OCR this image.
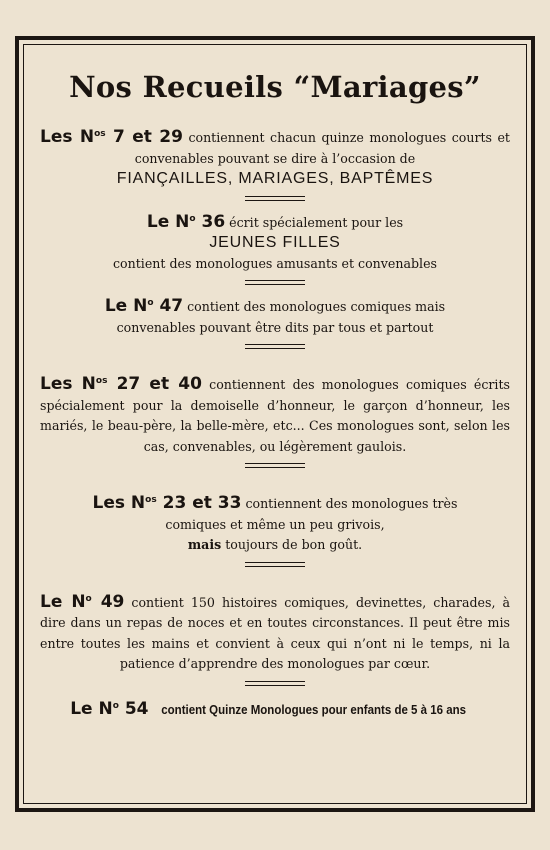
Nos Recueils “Mariages”
Les $N^{os}$ 7 et 29 contiennent chacun quinze monologues courts et convenables pouvant se dire à l’occasion de
FIANÇAILLES, MARIAGES, BAPTÊMES
Le $N^o$ 36 écrit spécialement pour les
JEUNES FILLES
contient des monologues amusants et convenables
Le $N^o$ 47 contient des monologues comiques mais convenables pouvant être dits par tous et partout
Les $N^{os}$ 27 et 40 contiennent des monologues comiques écrits spécialement pour la demoiselle d’honneur, le garçon d’honneur, les mariés, le beau-père, la belle-mère, etc... Ces monologues sont, selon les cas, convenables, ou légèrement gaulois.
Les $N^{os}$ 23 et 33 contiennent des monologues très comiques et même un peu grivois,
mais toujours de bon goût.
Le $N^o$ 49 contient 150 histoires comiques, devinettes, charades, à dire dans un repas de noces et en toutes circonstances. Il peut être mis entre toutes les mains et convient à ceux qui n’ont ni le temps, ni la patience d’apprendre des monologues par cœur.
Le $N^o$ 54contient Quinze Monologues pour enfants de 5 à 16 ans
